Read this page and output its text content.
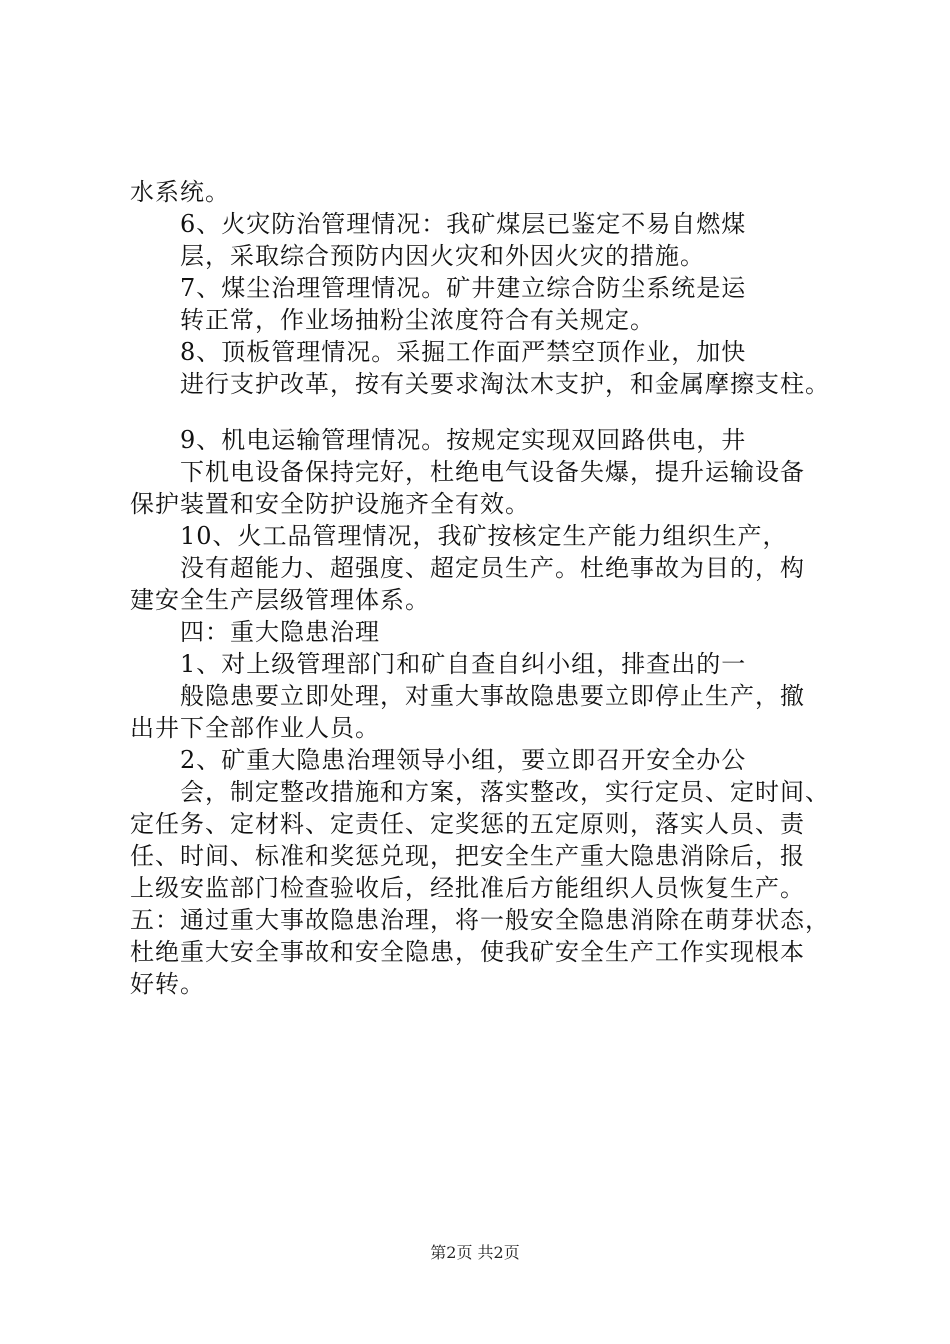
水系统。
6、火灾防治管理情况：我矿煤层已鉴定不易自燃煤
层，采取综合预防内因火灾和外因火灾的措施。
7、煤尘治理管理情况。矿井建立综合防尘系统是运
转正常，作业场抽粉尘浓度符合有关规定。
8、顶板管理情况。采掘工作面严禁空顶作业，加快
进行支护改革，按有关要求淘汰木支护，和金属摩擦支柱。
9、机电运输管理情况。按规定实现双回路供电，井
下机电设备保持完好，杜绝电气设备失爆，提升运输设备
保护装置和安全防护设施齐全有效。
10、火工品管理情况，我矿按核定生产能力组织生产，
没有超能力、超强度、超定员生产。杜绝事故为目的，构
建安全生产层级管理体系。
四：重大隐患治理
1、对上级管理部门和矿自查自纠小组，排查出的一
般隐患要立即处理，对重大事故隐患要立即停止生产，撤
出井下全部作业人员。
2、矿重大隐患治理领导小组，要立即召开安全办公
会，制定整改措施和方案，落实整改，实行定员、定时间、
定任务、定材料、定责任、定奖惩的五定原则，落实人员、责
任、时间、标准和奖惩兑现，把安全生产重大隐患消除后，报
上级安监部门检查验收后，经批准后方能组织人员恢复生产。
五：通过重大事故隐患治理，将一般安全隐患消除在萌芽状态，
杜绝重大安全事故和安全隐患，使我矿安全生产工作实现根本
好转。
第2页 共2页
